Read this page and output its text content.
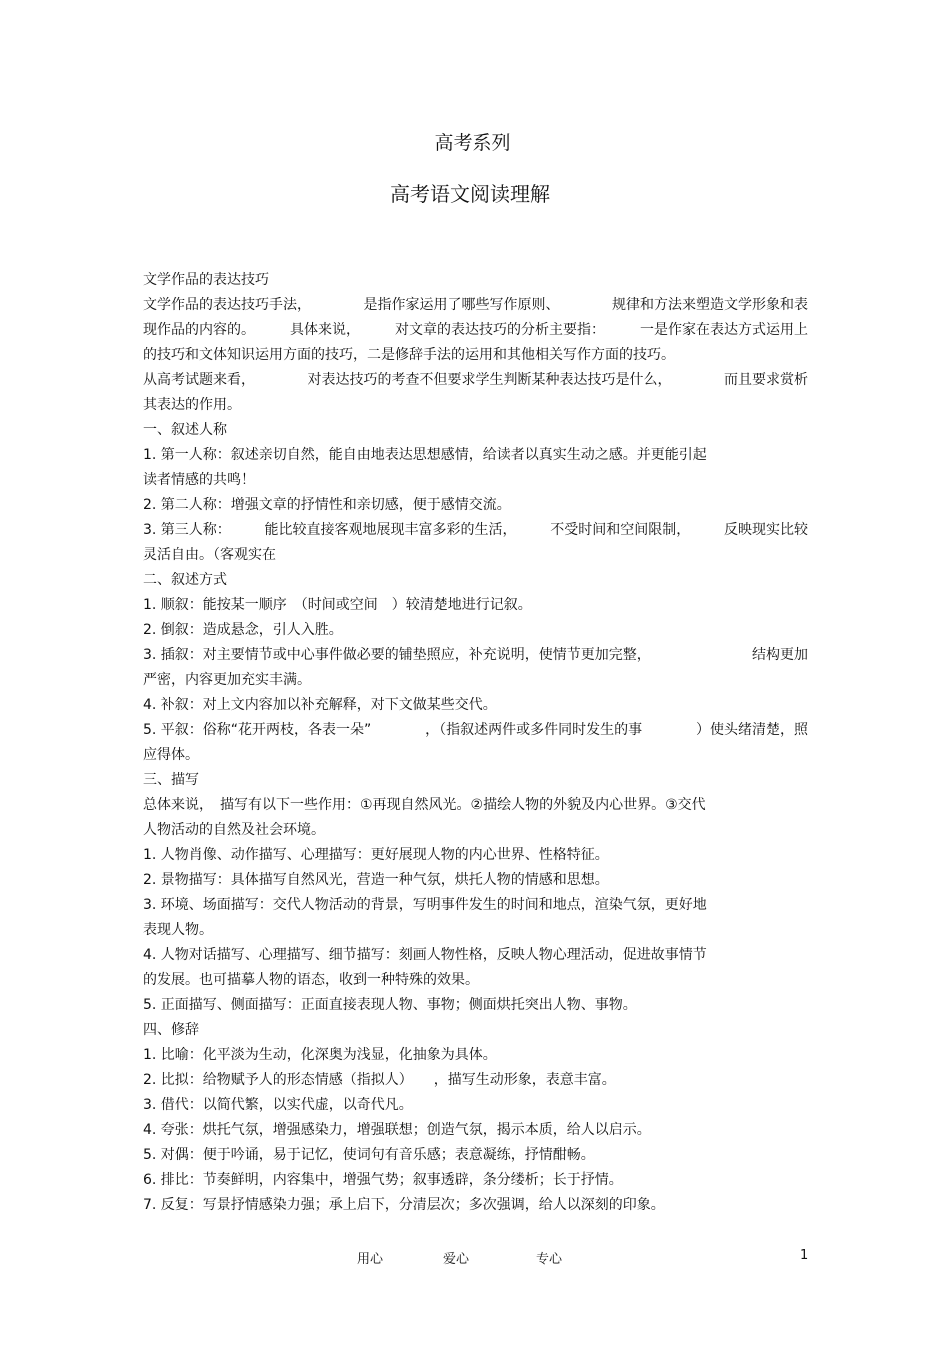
高考系列
高考语文阅读理解
文学作品的表达技巧
文学作品的表达技巧手法，	是指作家运用了哪些写作原则、	规律和方法来塑造文学形象和表
现作品的内容的。	具体来说，	对文章的表达技巧的分析主要指：	一是作家在表达方式运用上
的技巧和文体知识运用方面的技巧，二是修辞手法的运用和其他相关写作方面的技巧。
从高考试题来看，	对表达技巧的考查不但要求学生判断某种表达技巧是什么，	而且要求赏析
其表达的作用。
一、叙述人称
1. 第一人称：叙述亲切自然，能自由地表达思想感情，给读者以真实生动之感。并更能引起
读者情感的共鸣！
2. 第二人称：增强文章的抒情性和亲切感，便于感情交流。
3. 第三人称： 能比较直接客观地展现丰富多彩的生活， 不受时间和空间限制， 反映现实比较
灵活自由。（客观实在
二、叙述方式
1. 顺叙：能按某一顺序　（时间或空间　）较清楚地进行记叙。
2. 倒叙：造成悬念，引人入胜。
3. 插叙：对主要情节或中心事件做必要的铺垫照应，补充说明，使情节更加完整，	结构更加
严密，内容更加充实丰满。
4. 补叙：对上文内容加以补充解释，对下文做某些交代。
5. 平叙：俗称“花开两枝，各表一朵”	，（指叙述两件或多件同时发生的事	）使头绪清楚，照
应得体。
三、描写
总体来说，　描写有以下一些作用：①再现自然风光。②描绘人物的外貌及内心世界。③交代
人物活动的自然及社会环境。
1. 人物肖像、动作描写、心理描写：更好展现人物的内心世界、性格特征。
2. 景物描写：具体描写自然风光，营造一种气氛，烘托人物的情感和思想。
3. 环境、场面描写：交代人物活动的背景，写明事件发生的时间和地点，渲染气氛，更好地
表现人物。
4. 人物对话描写、心理描写、细节描写：刻画人物性格，反映人物心理活动，促进故事情节
的发展。也可描摹人物的语态，收到一种特殊的效果。
5. 正面描写、侧面描写：正面直接表现人物、事物；侧面烘托突出人物、事物。
四、修辞
1. 比喻：化平淡为生动，化深奥为浅显，化抽象为具体。
2. 比拟：给物赋予人的形态情感（指拟人）　　，描写生动形象，表意丰富。
3. 借代：以简代繁，以实代虚，以奇代凡。
4. 夸张：烘托气氛，增强感染力，增强联想；创造气氛，揭示本质，给人以启示。
5. 对偶：便于吟诵，易于记忆，使词句有音乐感；表意凝练，抒情酣畅。
6. 排比：节奏鲜明，内容集中，增强气势；叙事透辟，条分缕析；长于抒情。
7. 反复：写景抒情感染力强；承上启下，分清层次；多次强调，给人以深刻的印象。
用心	爱心	专心	1
